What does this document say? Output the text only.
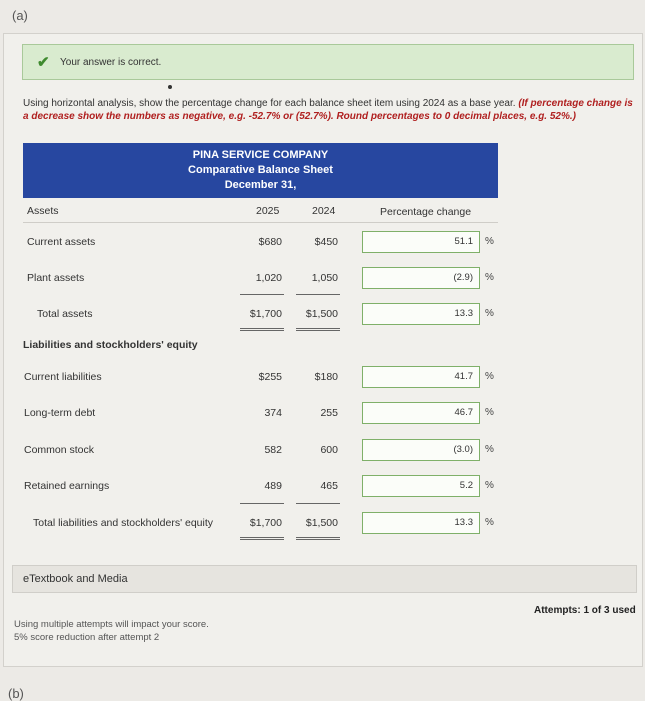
(a)
✔ Your answer is correct.
Using horizontal analysis, show the percentage change for each balance sheet item using 2024 as a base year. (If percentage change is a decrease show the numbers as negative, e.g. -52.7% or (52.7%). Round percentages to 0 decimal places, e.g. 52%.)
PINA SERVICE COMPANY
Comparative Balance Sheet
December 31,
Assets	2025	2024	Percentage change
Current assets	$680	$450	51.1	%
Plant assets	1,020	1,050	(2.9)	%
Total assets	$1,700	$1,500	13.3	%
Liabilities and stockholders' equity
Current liabilities	$255	$180	41.7	%
Long-term debt	374	255	46.7	%
Common stock	582	600	(3.0)	%
Retained earnings	489	465	5.2	%
Total liabilities and stockholders' equity	$1,700	$1,500	13.3	%
eTextbook and Media
Attempts: 1 of 3 used
Using multiple attempts will impact your score.
5% score reduction after attempt 2
(b)
